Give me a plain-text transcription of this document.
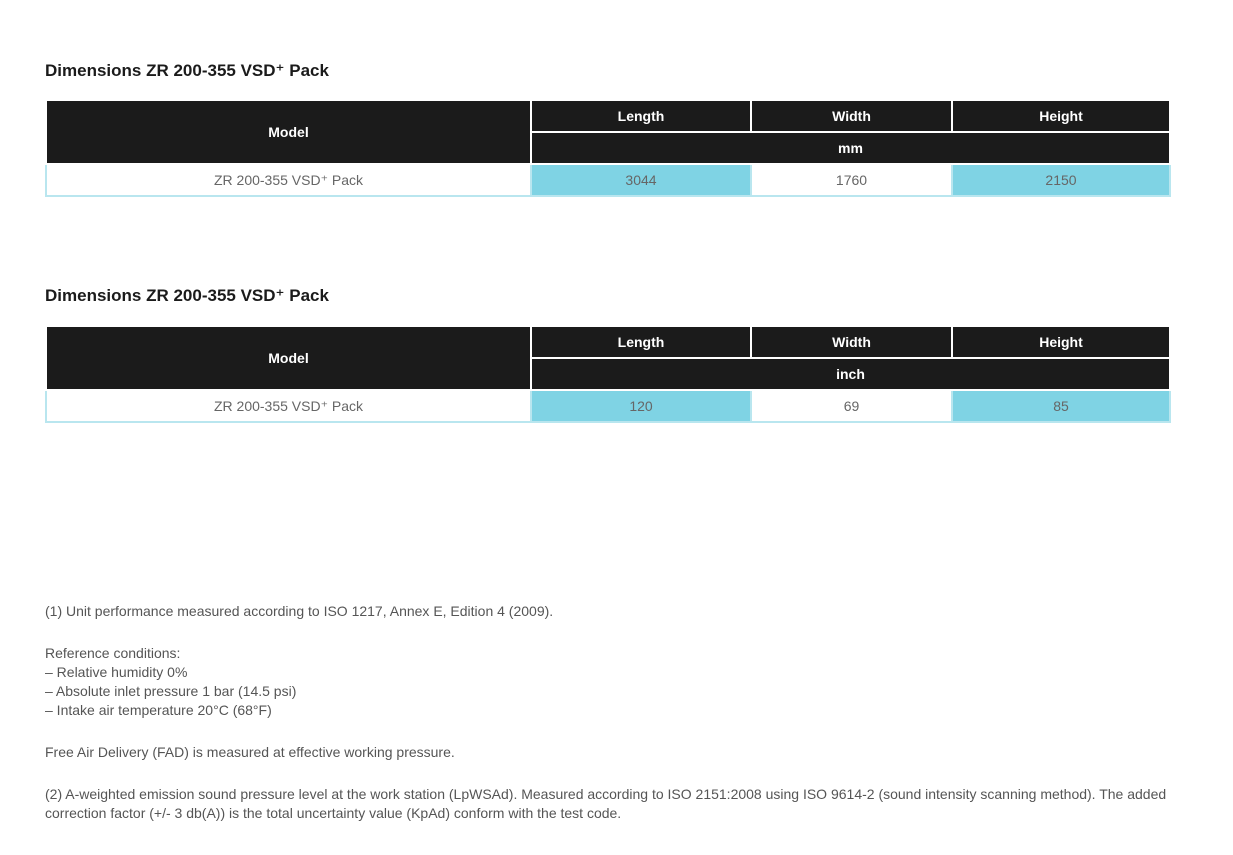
Dimensions ZR 200-355 VSD⁺ Pack
Model	Length	Width	Height
	mm		
ZR 200-355 VSD⁺ Pack	3044	1760	2150
Dimensions ZR 200-355 VSD⁺ Pack
Model	Length	Width	Height
	inch		
ZR 200-355 VSD⁺ Pack	120	69	85

(1) Unit performance measured according to ISO 1217, Annex E, Edition 4 (2009).

Reference conditions:
– Relative humidity 0%
– Absolute inlet pressure 1 bar (14.5 psi)
– Intake air temperature 20°C (68°F)

Free Air Delivery (FAD) is measured at effective working pressure.

(2) A-weighted emission sound pressure level at the work station (LpWSAd). Measured according to ISO 2151:2008 using ISO 9614-2 (sound intensity scanning method). The added correction factor (+/- 3 db(A)) is the total uncertainty value (KpAd) conform with the test code.
